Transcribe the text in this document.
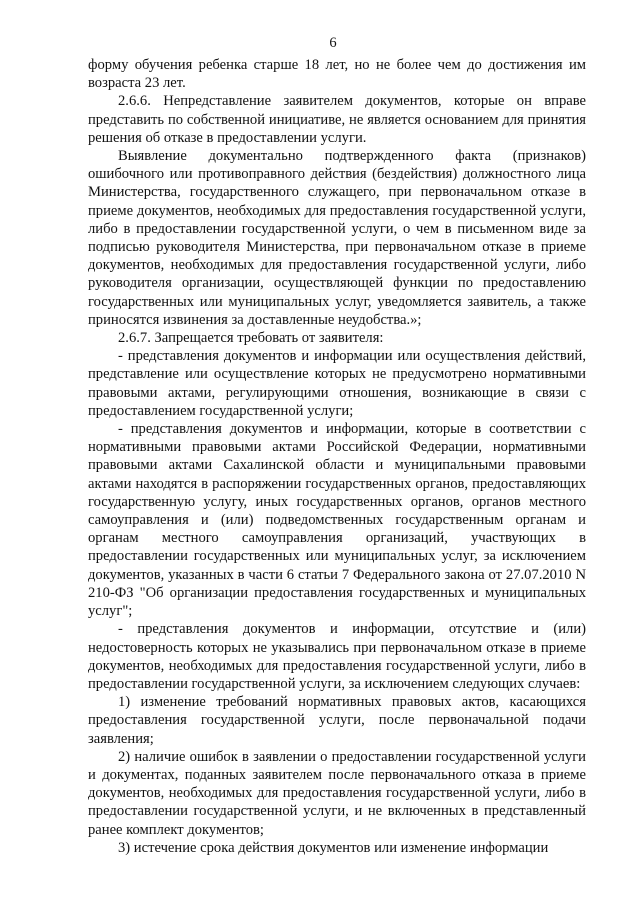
6

форму обучения ребенка старше 18 лет, но не более чем до достижения им возраста 23 лет.

2.6.6. Непредставление заявителем документов, которые он вправе представить по собственной инициативе, не является основанием для принятия решения об отказе в предоставлении услуги.

Выявление документально подтвержденного факта (признаков) ошибочного или противоправного действия (бездействия) должностного лица Министерства, государственного служащего, при первоначальном отказе в приеме документов, необходимых для предоставления государственной услуги, либо в предоставлении государственной услуги, о чем в письменном виде за подписью руководителя Министерства, при первоначальном отказе в приеме документов, необходимых для предоставления государственной услуги, либо руководителя организации, осуществляющей функции по предоставлению государственных или муниципальных услуг, уведомляется заявитель, а также приносятся извинения за доставленные неудобства.»;

2.6.7. Запрещается требовать от заявителя:

- представления документов и информации или осуществления действий, представление или осуществление которых не предусмотрено нормативными правовыми актами, регулирующими отношения, возникающие в связи с предоставлением государственной услуги;

- представления документов и информации, которые в соответствии с нормативными правовыми актами Российской Федерации, нормативными правовыми актами Сахалинской области и муниципальными правовыми актами находятся в распоряжении государственных органов, предоставляющих государственную услугу, иных государственных органов, органов местного самоуправления и (или) подведомственных государственным органам и органам местного самоуправления организаций, участвующих в предоставлении государственных или муниципальных услуг, за исключением документов, указанных в части 6 статьи 7 Федерального закона от 27.07.2010 N 210-ФЗ "Об организации предоставления государственных и муниципальных услуг";

- представления документов и информации, отсутствие и (или) недостоверность которых не указывались при первоначальном отказе в приеме документов, необходимых для предоставления государственной услуги, либо в предоставлении государственной услуги, за исключением следующих случаев:

1) изменение требований нормативных правовых актов, касающихся предоставления государственной услуги, после первоначальной подачи заявления;

2) наличие ошибок в заявлении о предоставлении государственной услуги и документах, поданных заявителем после первоначального отказа в приеме документов, необходимых для предоставления государственной услуги, либо в предоставлении государственной услуги, и не включенных в представленный ранее комплект документов;

3) истечение срока действия документов или изменение информации
